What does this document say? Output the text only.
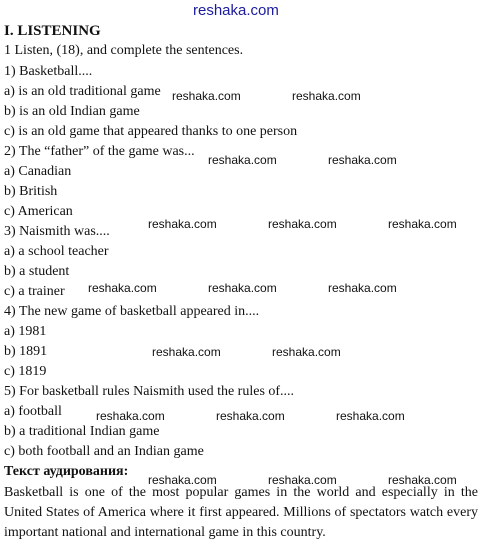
reshaka.com
I. LISTENING
1 Listen, (18), and complete the sentences.
1) Basketball....
a) is an old traditional game
b) is an old Indian game
c) is an old game that appeared thanks to one person
2) The “father” of the game was...
a) Canadian
b) British
c) American
3) Naismith was....
a) a school teacher
b) a student
c) a trainer
4) The new game of basketball appeared in....
a) 1981
b) 1891
c) 1819
5) For basketball rules Naismith used the rules of....
a) football
b) a traditional Indian game
c) both football and an Indian game
Текст аудирования:
Basketball is one of the most popular games in the world and especially in the United States of America where it first appeared. Millions of spectators watch every important national and international game in this country.
reshaka.com	reshaka.com
reshaka.com	reshaka.com
reshaka.com	reshaka.com	reshaka.com
reshaka.com	reshaka.com	reshaka.com
reshaka.com	reshaka.com
reshaka.com	reshaka.com	reshaka.com
reshaka.com	reshaka.com	reshaka.com
